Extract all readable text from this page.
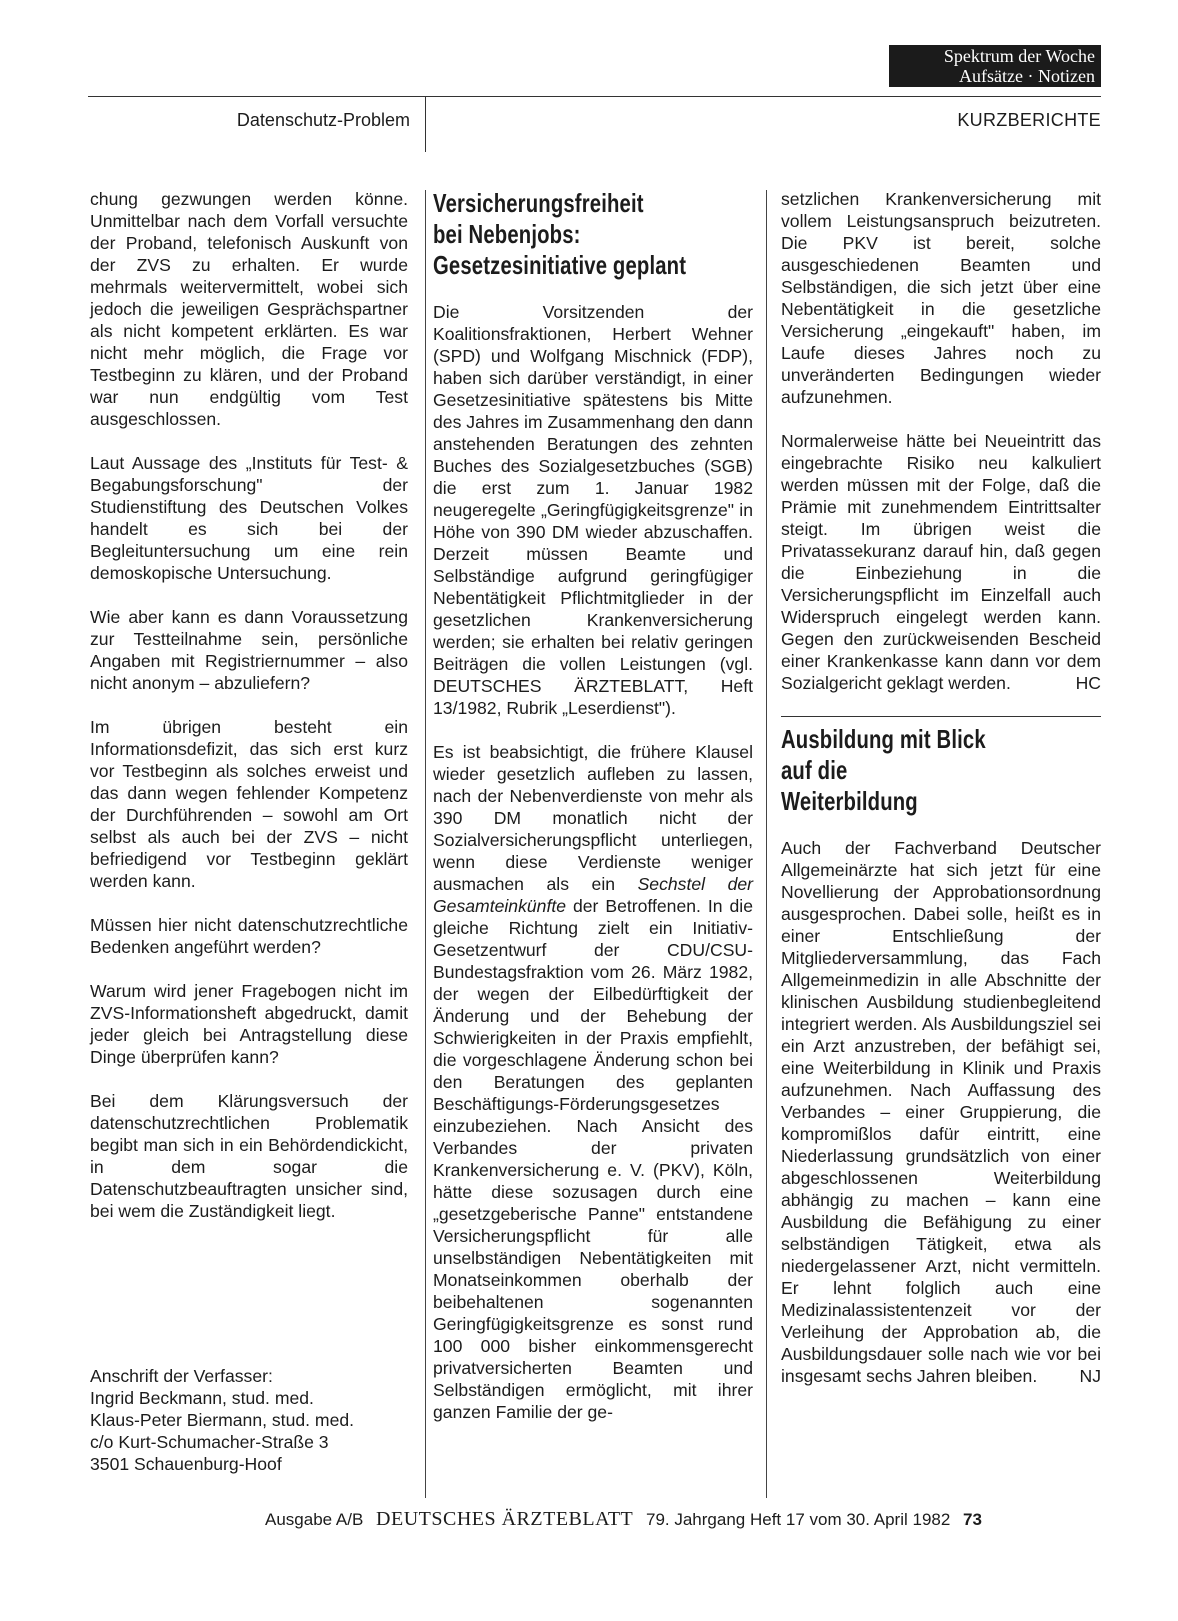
Spektrum der Woche
Aufsätze · Notizen
Datenschutz-Problem	KURZBERICHTE

chung gezwungen werden könne. Unmittelbar nach dem Vorfall versuchte der Proband, telefonisch Auskunft von der ZVS zu erhalten. Er wurde mehrmals weitervermittelt, wobei sich jedoch die jeweiligen Gesprächspartner als nicht kompetent erklärten. Es war nicht mehr möglich, die Frage vor Testbeginn zu klären, und der Proband war nun endgültig vom Test ausgeschlossen.

Laut Aussage des „Instituts für Test- & Begabungsforschung" der Studienstiftung des Deutschen Volkes handelt es sich bei der Begleituntersuchung um eine rein demoskopische Untersuchung.

Wie aber kann es dann Voraussetzung zur Testteilnahme sein, persönliche Angaben mit Registriernummer – also nicht anonym – abzuliefern?

Im übrigen besteht ein Informationsdefizit, das sich erst kurz vor Testbeginn als solches erweist und das dann wegen fehlender Kompetenz der Durchführenden – sowohl am Ort selbst als auch bei der ZVS – nicht befriedigend vor Testbeginn geklärt werden kann.

Müssen hier nicht datenschutzrechtliche Bedenken angeführt werden?

Warum wird jener Fragebogen nicht im ZVS-Informationsheft abgedruckt, damit jeder gleich bei Antragstellung diese Dinge überprüfen kann?

Bei dem Klärungsversuch der datenschutzrechtlichen Problematik begibt man sich in ein Behördendickicht, in dem sogar die Datenschutzbeauftragten unsicher sind, bei wem die Zuständigkeit liegt.

Anschrift der Verfasser:
Ingrid Beckmann, stud. med.
Klaus-Peter Biermann, stud. med.
c/o Kurt-Schumacher-Straße 3
3501 Schauenburg-Hoof
Versicherungsfreiheit
bei Nebenjobs:
Gesetzesinitiative geplant

Die Vorsitzenden der Koalitionsfraktionen, Herbert Wehner (SPD) und Wolfgang Mischnick (FDP), haben sich darüber verständigt, in einer Gesetzesinitiative spätestens bis Mitte des Jahres im Zusammenhang den dann anstehenden Beratungen des zehnten Buches des Sozialgesetzbuches (SGB) die erst zum 1. Januar 1982 neugeregelte „Geringfügigkeitsgrenze" in Höhe von 390 DM wieder abzuschaffen. Derzeit müssen Beamte und Selbständige aufgrund geringfügiger Nebentätigkeit Pflichtmitglieder in der gesetzlichen Krankenversicherung werden; sie erhalten bei relativ geringen Beiträgen die vollen Leistungen (vgl. DEUTSCHES ÄRZTEBLATT, Heft 13/1982, Rubrik „Leserdienst").

Es ist beabsichtigt, die frühere Klausel wieder gesetzlich aufleben zu lassen, nach der Nebenverdienste von mehr als 390 DM monatlich nicht der Sozialversicherungspflicht unterliegen, wenn diese Verdienste weniger ausmachen als ein Sechstel der Gesamteinkünfte der Betroffenen. In die gleiche Richtung zielt ein Initiativ-Gesetzentwurf der CDU/CSU-Bundestagsfraktion vom 26. März 1982, der wegen der Eilbedürftigkeit der Änderung und der Behebung der Schwierigkeiten in der Praxis empfiehlt, die vorgeschlagene Änderung schon bei den Beratungen des geplanten Beschäftigungs-Förderungsgesetzes einzubeziehen. Nach Ansicht des Verbandes der privaten Krankenversicherung e. V. (PKV), Köln, hätte diese sozusagen durch eine „gesetzgeberische Panne" entstandene Versicherungspflicht für alle unselbständigen Nebentätigkeiten mit Monatseinkommen oberhalb der beibehaltenen sogenannten Geringfügigkeitsgrenze es sonst rund 100 000 bisher einkommensgerecht privatversicherten Beamten und Selbständigen ermöglicht, mit ihrer ganzen Familie der ge-

setzlichen Krankenversicherung mit vollem Leistungsanspruch beizutreten. Die PKV ist bereit, solche ausgeschiedenen Beamten und Selbständigen, die sich jetzt über eine Nebentätigkeit in die gesetzliche Versicherung „eingekauft" haben, im Laufe dieses Jahres noch zu unveränderten Bedingungen wieder aufzunehmen.

Normalerweise hätte bei Neueintritt das eingebrachte Risiko neu kalkuliert werden müssen mit der Folge, daß die Prämie mit zunehmendem Eintrittsalter steigt. Im übrigen weist die Privatassekuranz darauf hin, daß gegen die Einbeziehung in die Versicherungspflicht im Einzelfall auch Widerspruch eingelegt werden kann. Gegen den zurückweisenden Bescheid einer Krankenkasse kann dann vor dem Sozialgericht geklagt werden.	HC

Ausbildung mit Blick
auf die
Weiterbildung

Auch der Fachverband Deutscher Allgemeinärzte hat sich jetzt für eine Novellierung der Approbationsordnung ausgesprochen. Dabei solle, heißt es in einer Entschließung der Mitgliederversammlung, das Fach Allgemeinmedizin in alle Abschnitte der klinischen Ausbildung studienbegleitend integriert werden. Als Ausbildungsziel sei ein Arzt anzustreben, der befähigt sei, eine Weiterbildung in Klinik und Praxis aufzunehmen. Nach Auffassung des Verbandes – einer Gruppierung, die kompromißlos dafür eintritt, eine Niederlassung grundsätzlich von einer abgeschlossenen Weiterbildung abhängig zu machen – kann eine Ausbildung die Befähigung zu einer selbständigen Tätigkeit, etwa als niedergelassener Arzt, nicht vermitteln. Er lehnt folglich auch eine Medizinalassistentenzeit vor der Verleihung der Approbation ab, die Ausbildungsdauer solle nach wie vor bei insgesamt sechs Jahren bleiben. NJ

Ausgabe A/B DEUTSCHES ÄRZTEBLATT 79. Jahrgang Heft 17 vom 30. April 1982 73
